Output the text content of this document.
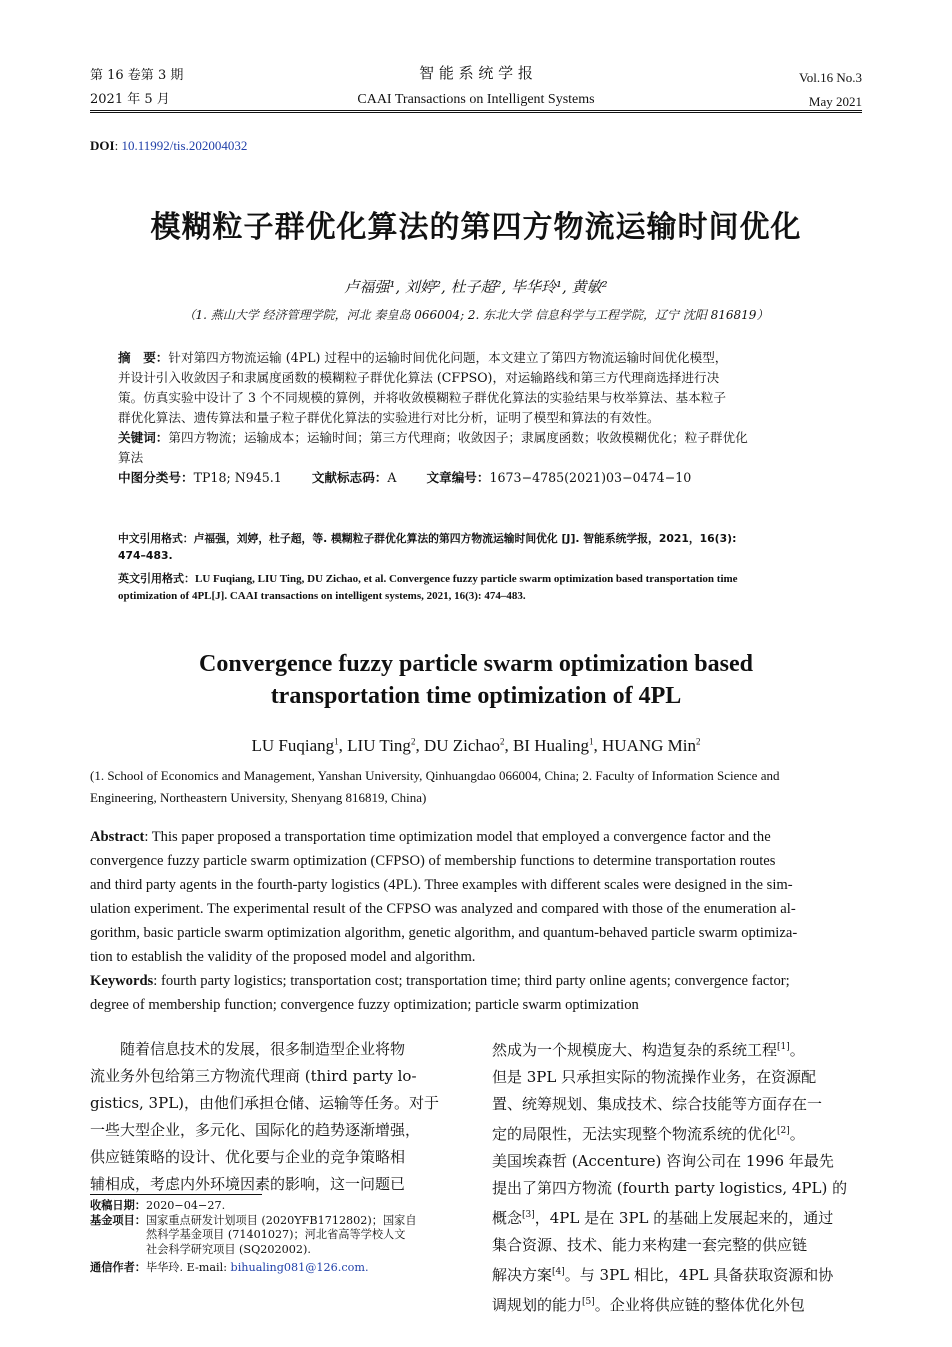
第 16 卷第 3 期
2021 年 5 月
智 能 系 统 学 报
CAAI Transactions on Intelligent Systems
Vol.16 No.3
May 2021
DOI: 10.11992/tis.202004032
模糊粒子群优化算法的第四方物流运输时间优化
卢福强¹, 刘婷², 杜子超², 毕华玲¹, 黄敏²
（1. 燕山大学 经济管理学院，河北 秦皇岛 066004; 2. 东北大学 信息科学与工程学院，辽宁 沈阳 816819）
摘　要：针对第四方物流运输 (4PL) 过程中的运输时间优化问题，本文建立了第四方物流运输时间优化模型，
并设计引入收敛因子和隶属度函数的模糊粒子群优化算法 (CFPSO)，对运输路线和第三方代理商选择进行决
策。仿真实验中设计了 3 个不同规模的算例，并将收敛模糊粒子群优化算法的实验结果与枚举算法、基本粒子
群优化算法、遗传算法和量子粒子群优化算法的实验进行对比分析，证明了模型和算法的有效性。
关键词：第四方物流；运输成本；运输时间；第三方代理商；收敛因子；隶属度函数；收敛模糊优化；粒子群优化
算法
中图分类号：TP18; N945.1 文献标志码：A 文章编号：1673−4785(2021)03−0474−10
中文引用格式：卢福强，刘婷，杜子超，等. 模糊粒子群优化算法的第四方物流运输时间优化 [J]. 智能系统学报，2021，16(3):
474–483.
英文引用格式：LU Fuqiang, LIU Ting, DU Zichao, et al. Convergence fuzzy particle swarm optimization based transportation time
optimization of 4PL[J]. CAAI transactions on intelligent systems, 2021, 16(3): 474–483.
Convergence fuzzy particle swarm optimization based
transportation time optimization of 4PL
LU Fuqiang$^1$, LIU Ting$^2$, DU Zichao$^2$, BI Hualing$^1$, HUANG Min$^2$
(1. School of Economics and Management, Yanshan University, Qinhuangdao 066004, China; 2. Faculty of Information Science and
Engineering, Northeastern University, Shenyang 816819, China)
Abstract: This paper proposed a transportation time optimization model that employed a convergence factor and the
convergence fuzzy particle swarm optimization (CFPSO) of membership functions to determine transportation routes
and third party agents in the fourth-party logistics (4PL). Three examples with different scales were designed in the sim-
ulation experiment. The experimental result of the CFPSO was analyzed and compared with those of the enumeration al-
gorithm, basic particle swarm optimization algorithm, genetic algorithm, and quantum-behaved particle swarm optimiza-
tion to establish the validity of the proposed model and algorithm.
Keywords: fourth party logistics; transportation cost; transportation time; third party online agents; convergence factor;
degree of membership function; convergence fuzzy optimization; particle swarm optimization

　　随着信息技术的发展，很多制造型企业将物

流业务外包给第三方物流代理商 (third party lo-

gistics, 3PL)，由他们承担仓储、运输等任务。对于

一些大型企业，多元化、国际化的趋势逐渐增强，

供应链策略的设计、优化要与企业的竞争策略相

辅相成，考虑内外环境因素的影响，这一问题已

收稿日期：2020−04−27.
基金项目：国家重点研发计划项目 (2020YFB1712802)；国家自
然科学基金项目 (71401027)；河北省高等学校人文
社会科学研究项目 (SQ202002).
通信作者：毕华玲. E-mail: bihualing081@126.com.

然成为一个规模庞大、构造复杂的系统工程[1]。

但是 3PL 只承担实际的物流操作业务，在资源配

置、统筹规划、集成技术、综合技能等方面存在一

定的局限性，无法实现整个物流系统的优化[2]。

美国埃森哲 (Accenture) 咨询公司在 1996 年最先

提出了第四方物流 (fourth party logistics, 4PL) 的

概念[3]，4PL 是在 3PL 的基础上发展起来的，通过

集合资源、技术、能力来构建一套完整的供应链

解决方案[4]。与 3PL 相比，4PL 具备获取资源和协

调规划的能力[5]。企业将供应链的整体优化外包
